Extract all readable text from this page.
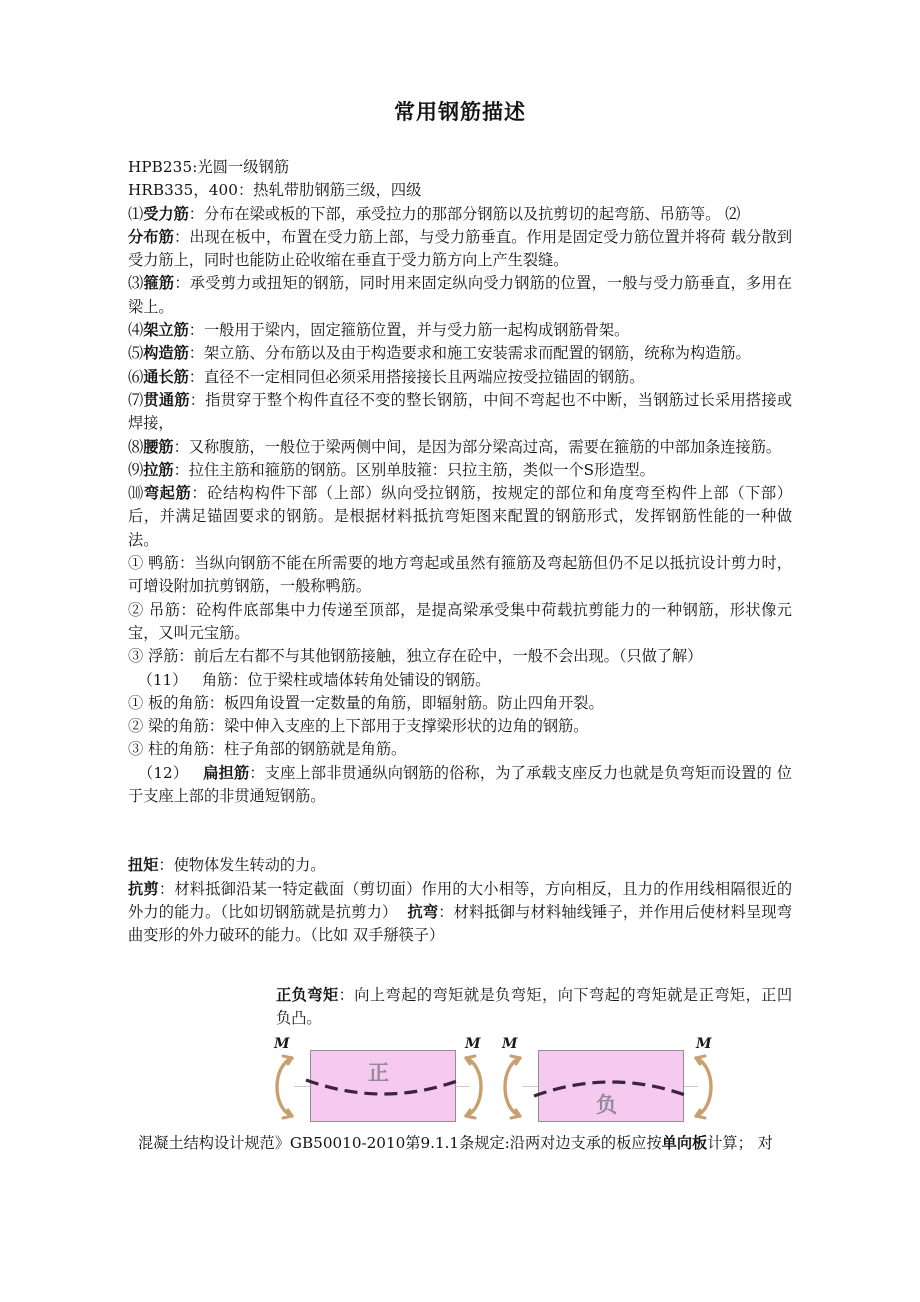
常用钢筋描述

HPB235:光圆一级钢筋

HRB335，400：热轧带肋钢筋三级，四级

⑴受力筋：分布在梁或板的下部，承受拉力的那部分钢筋以及抗剪切的起弯筋、吊筋等。 ⑵

分布筋：出现在板中，布置在受力筋上部，与受力筋垂直。作用是固定受力筋位置并将荷 载分散到受力筋上，同时也能防止砼收缩在垂直于受力筋方向上产生裂缝。

⑶箍筋：承受剪力或扭矩的钢筋，同时用来固定纵向受力钢筋的位置，一般与受力筋垂直，多用在梁上。

⑷架立筋：一般用于梁内，固定箍筋位置，并与受力筋一起构成钢筋骨架。

⑸构造筋：架立筋、分布筋以及由于构造要求和施工安装需求而配置的钢筋，统称为构造筋。

⑹通长筋：直径不一定相同但必须采用搭接接长且两端应按受拉锚固的钢筋。

⑺贯通筋：指贯穿于整个构件直径不变的整长钢筋，中间不弯起也不中断，当钢筋过长采用搭接或焊接，

⑻腰筋：又称腹筋，一般位于梁两侧中间，是因为部分梁高过高，需要在箍筋的中部加条连接筋。

⑼拉筋：拉住主筋和箍筋的钢筋。区别单肢箍：只拉主筋，类似一个S形造型。

⑽弯起筋：砼结构构件下部（上部）纵向受拉钢筋，按规定的部位和角度弯至构件上部（下部）后，并满足锚固要求的钢筋。是根据材料抵抗弯矩图来配置的钢筋形式，发挥钢筋性能的一种做法。

① 鸭筋：当纵向钢筋不能在所需要的地方弯起或虽然有箍筋及弯起筋但仍不足以抵抗设计剪力时，可增设附加抗剪钢筋，一般称鸭筋。

② 吊筋：砼构件底部集中力传递至顶部，是提高梁承受集中荷载抗剪能力的一种钢筋，形状像元宝，又叫元宝筋。

③ 浮筋：前后左右都不与其他钢筋接触，独立存在砼中，一般不会出现。（只做了解）

（11） 角筋：位于梁柱或墙体转角处铺设的钢筋。

① 板的角筋：板四角设置一定数量的角筋，即辐射筋。防止四角开裂。

② 梁的角筋：梁中伸入支座的上下部用于支撑梁形状的边角的钢筋。

③ 柱的角筋：柱子角部的钢筋就是角筋。

（12） 扁担筋：支座上部非贯通纵向钢筋的俗称，为了承载支座反力也就是负弯矩而设置的 位于支座上部的非贯通短钢筋。

扭矩：使物体发生转动的力。

抗剪：材料抵御沿某一特定截面（剪切面）作用的大小相等，方向相反，且力的作用线相隔很近的外力的能力。（比如切钢筋就是抗剪力） 抗弯：材料抵御与材料轴线锤子，并作用后使材料呈现弯曲变形的外力破环的能力。（比如 双手掰筷子）

正负弯矩：向上弯起的弯矩就是负弯矩，向下弯起的弯矩就是正弯矩，正凹负凸。

M
正
M M
负
M

混凝土结构设计规范》GB50010-2010第9.1.1条规定:沿两对边支承的板应按单向板计算； 对
